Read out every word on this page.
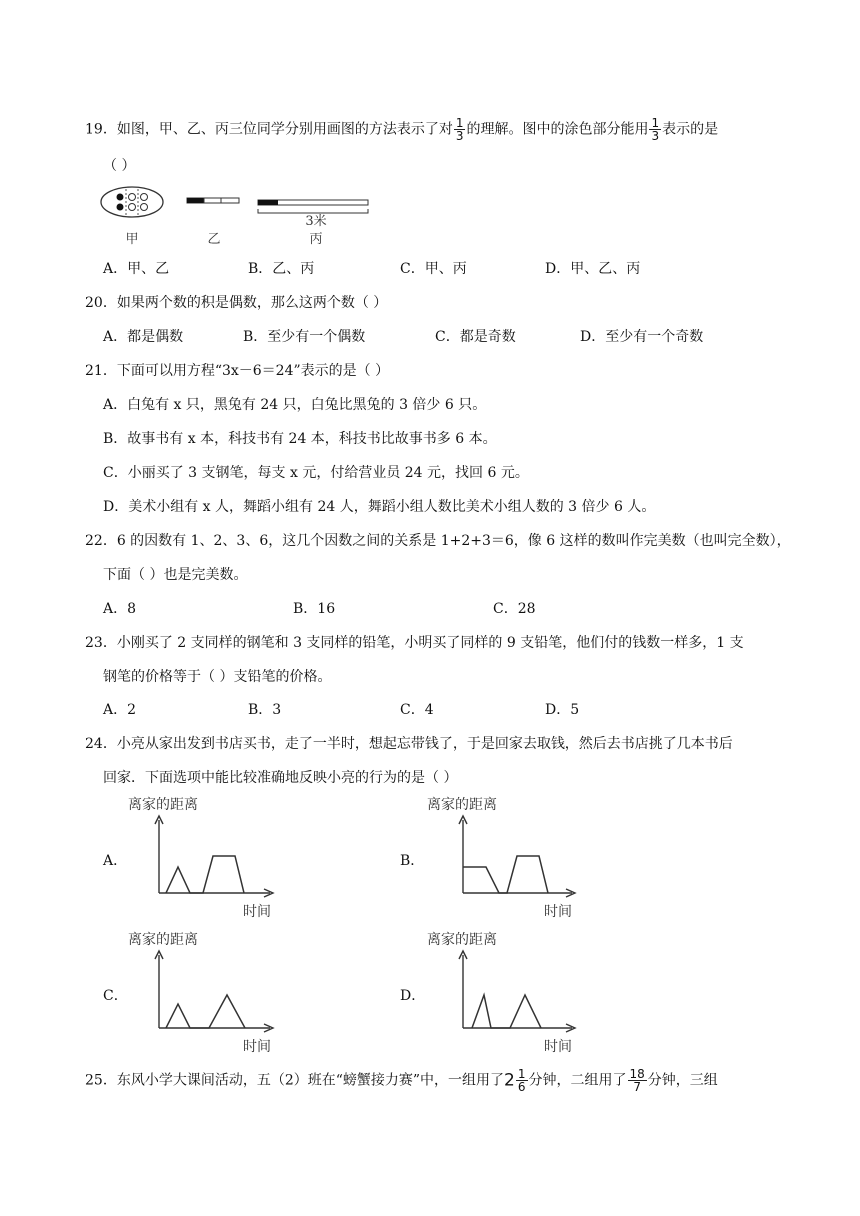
19．如图，甲、乙、丙三位同学分别用画图的方法表示了对 $\frac{1}{3}$ 的理解。图中的涂色部分能用 $\frac{1}{3}$ 表示的是
（ ）
3米
甲	乙	丙
A．甲、乙	B．乙、丙	C．甲、丙	D．甲、乙、丙
20．如果两个数的积是偶数，那么这两个数（ ）
A．都是偶数	B．至少有一个偶数	C．都是奇数	D．至少有一个奇数
21．下面可以用方程“3x－6＝24”表示的是（ ）
A．白兔有 x 只，黑兔有 24 只，白兔比黑兔的 3 倍少 6 只。
B．故事书有 x 本，科技书有 24 本，科技书比故事书多 6 本。
C．小丽买了 3 支钢笔，每支 x 元，付给营业员 24 元，找回 6 元。
D．美术小组有 x 人，舞蹈小组有 24 人，舞蹈小组人数比美术小组人数的 3 倍少 6 人。
22．6 的因数有 1、2、3、6，这几个因数之间的关系是 1+2+3＝6，像 6 这样的数叫作完美数（也叫完全数），
下面（ ）也是完美数。
A．8	B．16	C．28
23．小刚买了 2 支同样的钢笔和 3 支同样的铅笔，小明买了同样的 9 支铅笔，他们付的钱数一样多，1 支
钢笔的价格等于（ ）支铅笔的价格。
A．2	B．3	C．4	D．5
24．小亮从家出发到书店买书，走了一半时，想起忘带钱了，于是回家去取钱，然后去书店挑了几本书后
回家．下面选项中能比较准确地反映小亮的行为的是（ ）
A．
离家的距离
时间
B．
离家的距离
时间
C．
离家的距离
时间
D．
离家的距离
时间
25．东风小学大课间活动，五（2）班在“螃蟹接力赛”中，一组用了$2 \frac{1}{6}$ 分钟，二组用了 $\frac{18}{7}$ 分钟，三组
